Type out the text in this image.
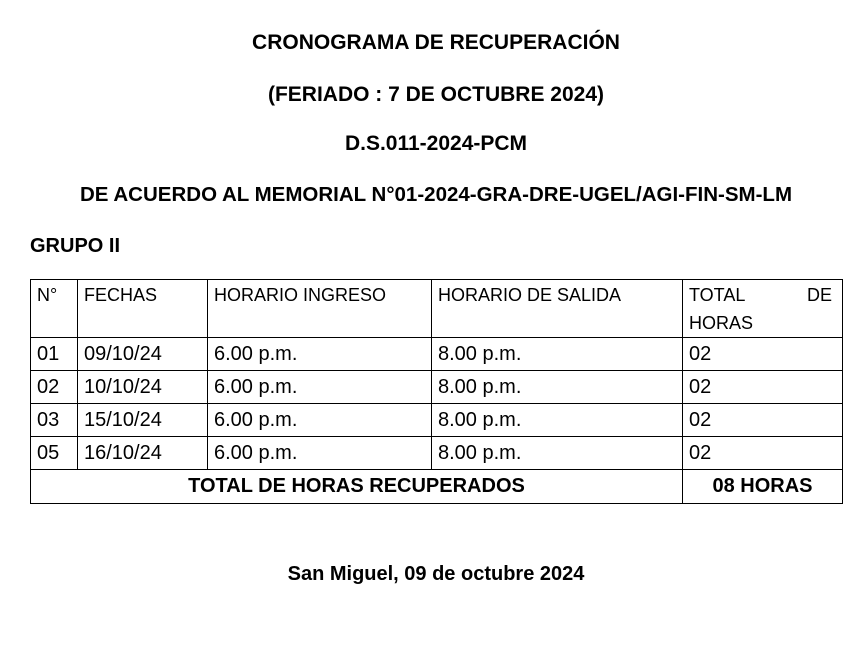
CRONOGRAMA DE RECUPERACIÓN
(FERIADO : 7 DE OCTUBRE 2024)
D.S.011-2024-PCM
DE ACUERDO AL MEMORIAL N°01-2024-GRA-DRE-UGEL/AGI-FIN-SM-LM
GRUPO II
N°	FECHAS	HORARIO INGRESO	HORARIO DE SALIDA	TOTAL DE
HORAS

01	09/10/24	6.00 p.m.	8.00 p.m.	02
02	10/10/24	6.00 p.m.	8.00 p.m.	02
03	15/10/24	6.00 p.m.	8.00 p.m.	02
05	16/10/24	6.00 p.m.	8.00 p.m.	02
TOTAL DE HORAS RECUPERADOS				08 HORAS
San Miguel, 09 de octubre 2024
